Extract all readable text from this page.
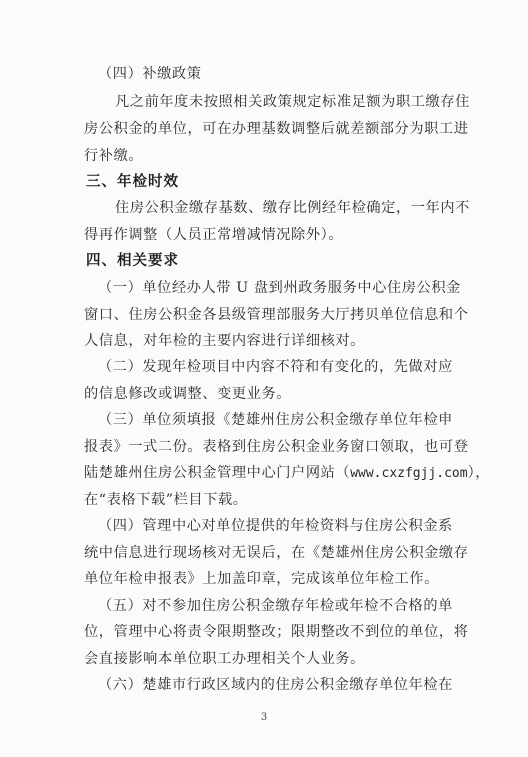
（四）补缴政策
凡之前年度未按照相关政策规定标准足额为职工缴存住
房公积金的单位，可在办理基数调整后就差额部分为职工进
行补缴。
三、年检时效
住房公积金缴存基数、缴存比例经年检确定，一年内不
得再作调整（人员正常增减情况除外）。
四、相关要求
（一）单位经办人带 U 盘到州政务服务中心住房公积金
窗口、住房公积金各县级管理部服务大厅拷贝单位信息和个
人信息，对年检的主要内容进行详细核对。
（二）发现年检项目中内容不符和有变化的，先做对应
的信息修改或调整、变更业务。
（三）单位须填报《楚雄州住房公积金缴存单位年检申
报表》一式二份。表格到住房公积金业务窗口领取，也可登
陆楚雄州住房公积金管理中心门户网站（www.cxzfgjj.com），
在“表格下载”栏目下载。
（四）管理中心对单位提供的年检资料与住房公积金系
统中信息进行现场核对无误后，在《楚雄州住房公积金缴存
单位年检申报表》上加盖印章，完成该单位年检工作。
（五）对不参加住房公积金缴存年检或年检不合格的单
位，管理中心将责令限期整改；限期整改不到位的单位，将
会直接影响本单位职工办理相关个人业务。
（六）楚雄市行政区域内的住房公积金缴存单位年检在
3
